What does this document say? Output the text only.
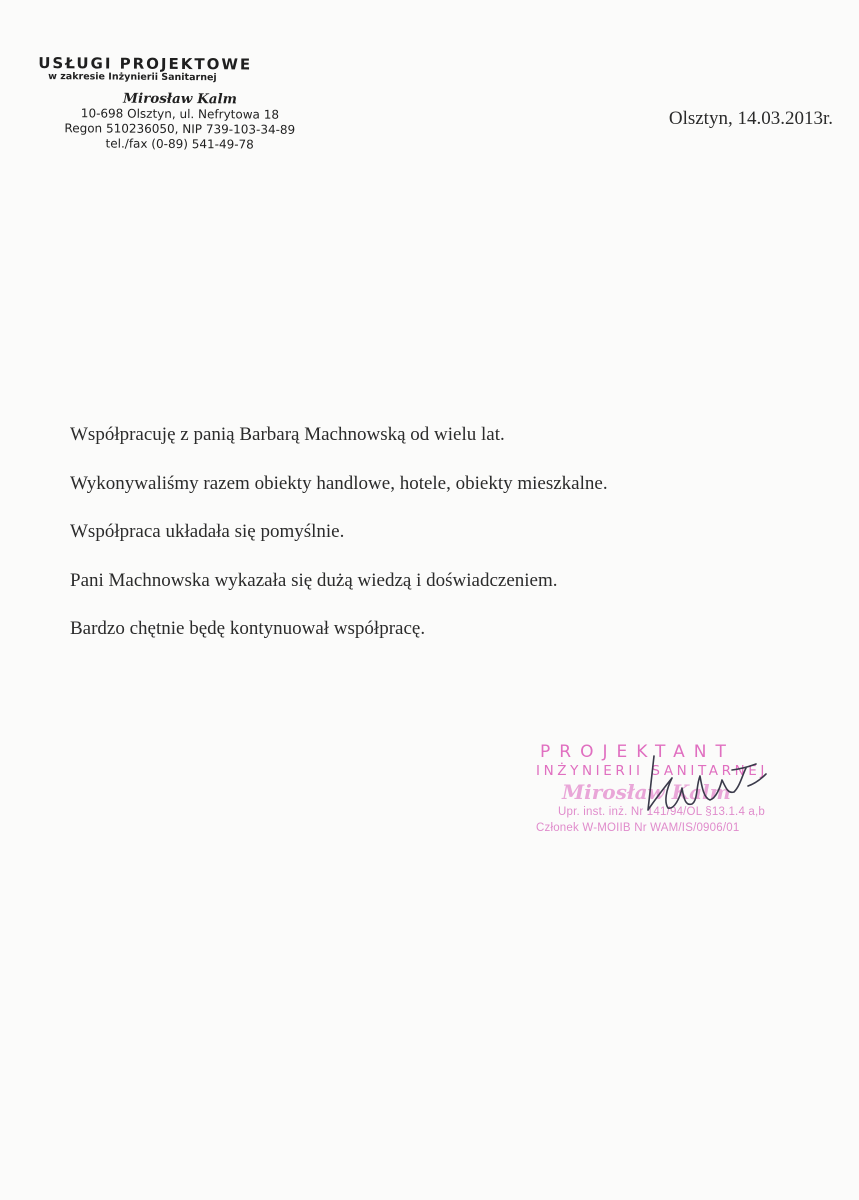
USŁUGI PROJEKTOWE
w zakresie Inżynierii Sanitarnej
Mirosław Kalm
10-698 Olsztyn, ul. Nefrytowa 18
Regon 510236050, NIP 739-103-34-89
tel./fax (0-89) 541-49-78
Olsztyn, 14.03.2013r.

Współpracuję z panią Barbarą Machnowską od wielu lat.

Wykonywaliśmy razem obiekty handlowe, hotele, obiekty mieszkalne.

Współpraca układała się pomyślnie.

Pani Machnowska wykazała się dużą wiedzą i doświadczeniem.

Bardzo chętnie będę kontynuował współpracę.

PROJEKTANT
INŻYNIERII SANITARNEJ
Mirosław Kalm
Upr. inst. inż. Nr 141/94/OL §13.1.4 a,b
Członek W-MOIIB Nr WAM/IS/0906/01
